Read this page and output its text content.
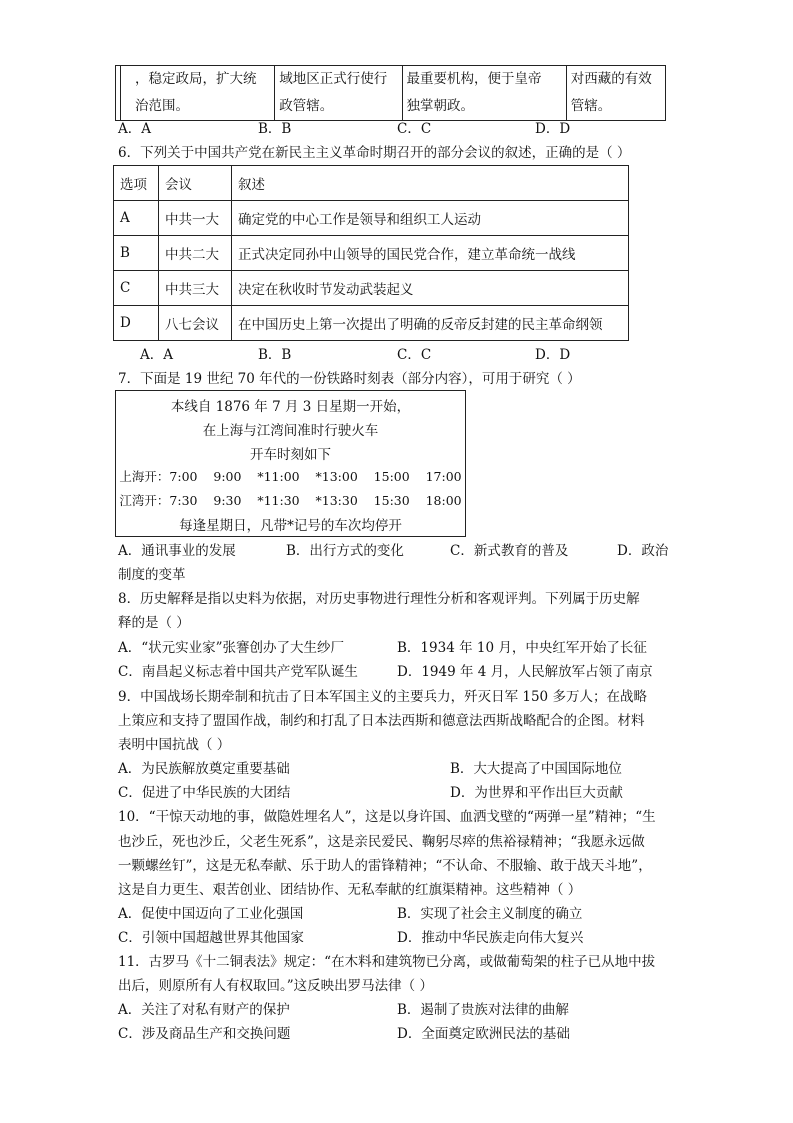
，稳定政局，扩大统
治范围。

域地区正式行使行
政管辖。

最重要机构，便于皇帝
独掌朝政。

对西藏的有效
管辖。
A．A	B．B	C．C	D．D
6．下列关于中国共产党在新民主主义革命时期召开的部分会议的叙述，正确的是（ ）
选项	会议	叙述
A	中共一大	确定党的中心工作是领导和组织工人运动
B	中共二大	正式决定同孙中山领导的国民党合作，建立革命统一战线
C	中共三大	决定在秋收时节发动武装起义
D	八七会议	在中国历史上第一次提出了明确的反帝反封建的民主革命纲领
A．A	B．B	C．C	D．D
7．下面是 19 世纪 70 年代的一份铁路时刻表（部分内容），可用于研究（ ）
本线自 1876 年 7 月 3 日星期一开始，
在上海与江湾间准时行驶火车
开车时刻如下
上海开：7:00    9:00    *11:00    *13:00    15:00    17:00
江湾开：7:30    9:30    *11:30    *13:30    15:30    18:00
每逢星期日，凡带*记号的车次均停开
A．通讯事业的发展	B．出行方式的变化	C．新式教育的普及	D．政治
制度的变革
8．历史解释是指以史料为依据，对历史事物进行理性分析和客观评判。下列属于历史解
释的是（ ）
A．“状元实业家”张謇创办了大生纱厂	B．1934 年 10 月，中央红军开始了长征
C．南昌起义标志着中国共产党军队诞生	D．1949 年 4 月，人民解放军占领了南京
9．中国战场长期牵制和抗击了日本军国主义的主要兵力，歼灭日军 150 多万人；在战略
上策应和支持了盟国作战，制约和打乱了日本法西斯和德意法西斯战略配合的企图。材料
表明中国抗战（ ）
A．为民族解放奠定重要基础	B．大大提高了中国国际地位
C．促进了中华民族的大团结	D．为世界和平作出巨大贡献
10．“干惊天动地的事，做隐姓埋名人”，这是以身许国、血洒戈壁的“两弹一星”精神；“生
也沙丘，死也沙丘，父老生死系”，这是亲民爱民、鞠躬尽瘁的焦裕禄精神；“我愿永远做
一颗螺丝钉”，这是无私奉献、乐于助人的雷锋精神；“不认命、不服输、敢于战天斗地”，
这是自力更生、艰苦创业、团结协作、无私奉献的红旗渠精神。这些精神（ ）
A．促使中国迈向了工业化强国	B．实现了社会主义制度的确立
C．引领中国超越世界其他国家	D．推动中华民族走向伟大复兴
11．古罗马《十二铜表法》规定：“在木料和建筑物已分离，或做葡萄架的柱子已从地中拔
出后，则原所有人有权取回。”这反映出罗马法律（ ）
A．关注了对私有财产的保护	B．遏制了贵族对法律的曲解
C．涉及商品生产和交换问题	D．全面奠定欧洲民法的基础
